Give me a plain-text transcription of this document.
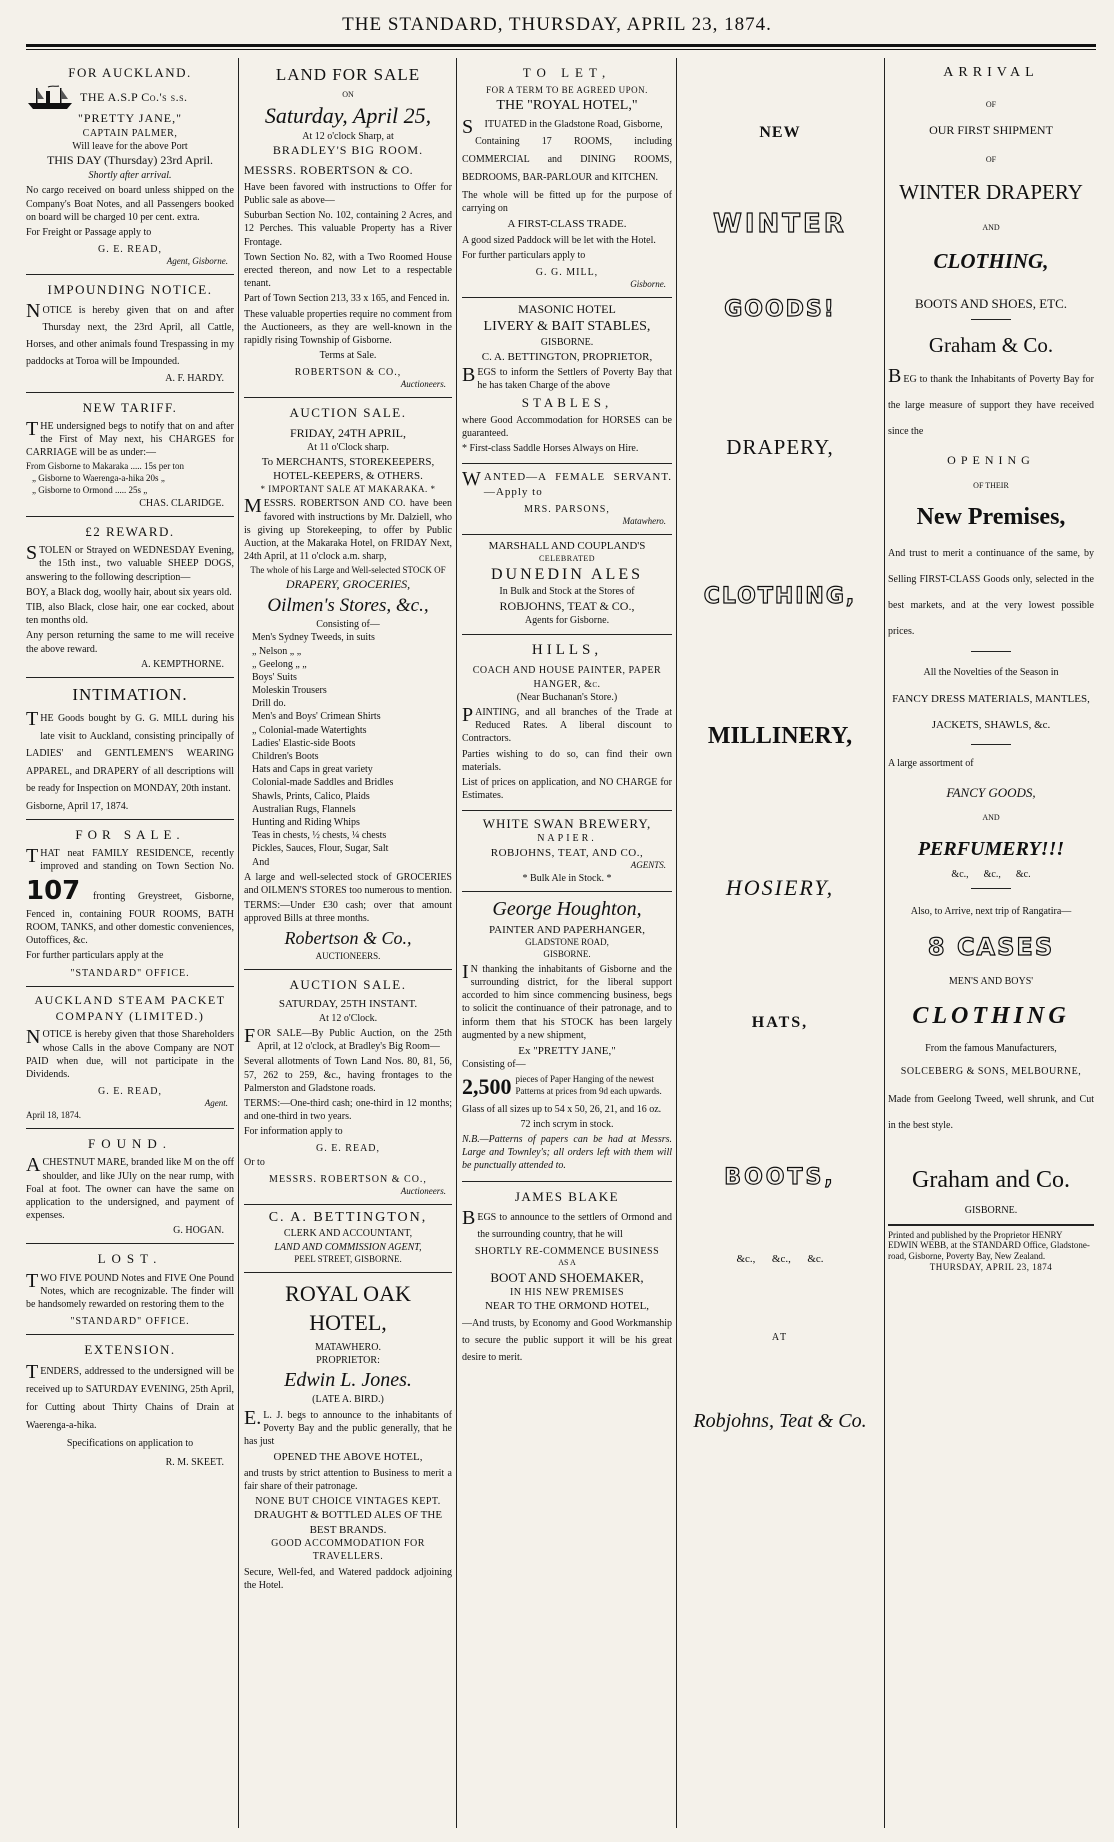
THE STANDARD, THURSDAY, APRIL 23, 1874.
FOR AUCKLAND.
THE A.S.P Co.'s s.s.
"PRETTY JANE,"
CAPTAIN PALMER,
Will leave for the above Port
THIS DAY (Thursday) 23rd April.
Shortly after arrival.

No cargo received on board unless shipped on the Company's Boat Notes, and all Passengers booked on board will be charged 10 per cent. extra.

For Freight or Passage apply to

G. E. READ,
Agent, Gisborne.
IMPOUNDING NOTICE.

NOTICE is hereby given that on and after Thursday next, the 23rd April, all Cattle, Horses, and other animals found Trespassing in my paddocks at Toroa will be Impounded.

A. F. HARDY.
NEW TARIFF.

THE undersigned begs to notify that on and after the First of May next, his CHARGES for CARRIAGE will be as under:—

From Gisborne to Makaraka ..... 15s per ton
„ Gisborne to Waerenga-a-hika 20s „
„ Gisborne to Ormond ..... 25s „
CHAS. CLARIDGE.
£2 REWARD.

STOLEN or Strayed on WEDNESDAY Evening, the 15th inst., two valuable SHEEP DOGS, answering to the following description—

BOY, a Black dog, woolly hair, about six years old.

TIB, also Black, close hair, one ear cocked, about ten months old.

Any person returning the same to me will receive the above reward.

A. KEMPTHORNE.
INTIMATION.

THE Goods bought by G. G. MILL during his late visit to Auckland, consisting principally of LADIES' and GENTLEMEN'S WEARING APPAREL, and DRAPERY of all descriptions will be ready for Inspection on MONDAY, 20th instant.

Gisborne, April 17, 1874.
FOR SALE.

THAT neat FAMILY RESIDENCE, recently improved and standing on Town Section No. 107 fronting Greystreet, Gisborne, Fenced in, containing FOUR ROOMS, BATH ROOM, TANKS, and other domestic conveniences, Outoffices, &c.

For further particulars apply at the

"STANDARD" OFFICE.
AUCKLAND STEAM PACKET COMPANY (LIMITED.)

NOTICE is hereby given that those Shareholders whose Calls in the above Company are NOT PAID when due, will not participate in the Dividends.

G. E. READ,
Agent.
April 18, 1874.
FOUND.

ACHESTNUT MARE, branded like M on the off shoulder, and like JUly on the near rump, with Foal at foot. The owner can have the same on application to the undersigned, and payment of expenses.

G. HOGAN.
LOST.

TWO FIVE POUND Notes and FIVE One Pound Notes, which are recognizable. The finder will be handsomely rewarded on restoring them to the

"STANDARD" OFFICE.
EXTENSION.

TENDERS, addressed to the undersigned will be received up to SATURDAY EVENING, 25th April, for Cutting about Thirty Chains of Drain at Waerenga-a-hika.

Specifications on application to
R. M. SKEET.
LAND FOR SALE
ON
Saturday, April 25,
At 12 o'clock Sharp, at
BRADLEY'S BIG ROOM.
MESSRS. ROBERTSON & CO.

Have been favored with instructions to Offer for Public sale as above—

Suburban Section No. 102, containing 2 Acres, and 12 Perches. This valuable Property has a River Frontage.

Town Section No. 82, with a Two Roomed House erected thereon, and now Let to a respectable tenant.

Part of Town Section 213, 33 x 165, and Fenced in.

These valuable properties require no comment from the Auctioneers, as they are well-known in the rapidly rising Township of Gisborne.

Terms at Sale.
ROBERTSON & CO.,
Auctioneers.
AUCTION SALE.
FRIDAY, 24TH APRIL,
At 11 o'Clock sharp.
To MERCHANTS, STOREKEEPERS, HOTEL-KEEPERS, & OTHERS.
* IMPORTANT SALE AT MAKARAKA. *

MESSRS. ROBERTSON AND CO. have been favored with instructions by Mr. Dalziell, who is giving up Storekeeping, to offer by Public Auction, at the Makaraka Hotel, on FRIDAY Next, 24th April, at 11 o'clock a.m. sharp,

The whole of his Large and Well-selected STOCK OF
DRAPERY, GROCERIES,
Oilmen's Stores, &c.,
Consisting of—
Men's Sydney Tweeds, in suits
„ Nelson „ „
„ Geelong „ „
Boys' Suits
Moleskin Trousers
Drill do.
Men's and Boys' Crimean Shirts
„ Colonial-made Watertights
Ladies' Elastic-side Boots
Children's Boots
Hats and Caps in great variety
Colonial-made Saddles and Bridles
Shawls, Prints, Calico, Plaids
Australian Rugs, Flannels
Hunting and Riding Whips
Teas in chests, ½ chests, ¼ chests
Pickles, Sauces, Flour, Sugar, Salt
And

A large and well-selected stock of GROCERIES and OILMEN'S STORES too numerous to mention.

TERMS:—Under £30 cash; over that amount approved Bills at three months.

Robertson & Co.,
AUCTIONEERS.
AUCTION SALE.
SATURDAY, 25TH INSTANT.
At 12 o'Clock.

FOR SALE—By Public Auction, on the 25th April, at 12 o'clock, at Bradley's Big Room—

Several allotments of Town Land Nos. 80, 81, 56, 57, 262 to 259, &c., having frontages to the Palmerston and Gladstone roads.

TERMS:—One-third cash; one-third in 12 months; and one-third in two years.

For information apply to

G. E. READ,
Or to
MESSRS. ROBERTSON & CO.,
Auctioneers.
C. A. BETTINGTON,
CLERK AND ACCOUNTANT,
LAND AND COMMISSION AGENT,
PEEL STREET, GISBORNE.
ROYAL OAK HOTEL,
MATAWHERO.
PROPRIETOR:
Edwin L. Jones.
(LATE A. BIRD.)

E.L. J. begs to announce to the inhabitants of Poverty Bay and the public generally, that he has just

OPENED THE ABOVE HOTEL,

and trusts by strict attention to Business to merit a fair share of their patronage.

NONE BUT CHOICE VINTAGES KEPT.
DRAUGHT & BOTTLED ALES OF THE BEST BRANDS.
GOOD ACCOMMODATION FOR TRAVELLERS.

Secure, Well-fed, and Watered paddock adjoining the Hotel.

TO LET,
FOR A TERM TO BE AGREED UPON.
THE "ROYAL HOTEL,"

SITUATED in the Gladstone Road, Gisborne,

Containing 17 ROOMS, including COMMERCIAL and DINING ROOMS, BEDROOMS, BAR-PARLOUR and KITCHEN.

The whole will be fitted up for the purpose of carrying on

A FIRST-CLASS TRADE.

A good sized Paddock will be let with the Hotel.

For further particulars apply to

G. G. MILL,
Gisborne.
MASONIC HOTEL
LIVERY & BAIT STABLES,
GISBORNE.
C. A. BETTINGTON, PROPRIETOR,

BEGS to inform the Settlers of Poverty Bay that he has taken Charge of the above

STABLES,

where Good Accommodation for HORSES can be guaranteed.

* First-class Saddle Horses Always on Hire.

WANTED—A FEMALE SERVANT.—Apply to

MRS. PARSONS,
Matawhero.
MARSHALL AND COUPLAND'S
CELEBRATED
DUNEDIN ALES
In Bulk and Stock at the Stores of
ROBJOHNS, TEAT & CO.,
Agents for Gisborne.
HILLS,
COACH AND HOUSE PAINTER, PAPER HANGER, &c.
(Near Buchanan's Store.)

PAINTING, and all branches of the Trade at Reduced Rates. A liberal discount to Contractors.

Parties wishing to do so, can find their own materials.

List of prices on application, and NO CHARGE for Estimates.

WHITE SWAN BREWERY,
NAPIER.
ROBJOHNS, TEAT, AND CO.,
AGENTS.
* Bulk Ale in Stock. *
George Houghton,
PAINTER AND PAPERHANGER,
GLADSTONE ROAD,
GISBORNE.

IN thanking the inhabitants of Gisborne and the surrounding district, for the liberal support accorded to him since commencing business, begs to solicit the continuance of their patronage, and to inform them that his STOCK has been largely augmented by a new shipment,

Ex "PRETTY JANE,"
Consisting of—
2,500 pieces of Paper Hanging of the newest Patterns at prices from 9d each upwards.

Glass of all sizes up to 54 x 50, 26, 21, and 16 oz.

72 inch scrym in stock.

N.B.—Patterns of papers can be had at Messrs. Large and Townley's; all orders left with them will be punctually attended to.

JAMES BLAKE

BEGS to announce to the settlers of Ormond and the surrounding country, that he will

SHORTLY RE-COMMENCE BUSINESS
AS A
BOOT AND SHOEMAKER,
IN HIS NEW PREMISES
NEAR TO THE ORMOND HOTEL,

—And trusts, by Economy and Good Workmanship to secure the public support it will be his great desire to merit.

NEW
WINTER
GOODS!
DRAPERY,
CLOTHING,
MILLINERY,
HOSIERY,
HATS,
BOOTS,
&c.,      &c.,      &c.
AT
Robjohns, Teat & Co.
ARRIVAL
OF
OUR FIRST SHIPMENT
OF
WINTER DRAPERY
AND
CLOTHING,
BOOTS AND SHOES, ETC.
Graham & Co.

BEG to thank the Inhabitants of Poverty Bay for the large measure of support they have received since the

OPENING
OF THEIR
New Premises,

And trust to merit a continuance of the same, by Selling FIRST-CLASS Goods only, selected in the best markets, and at the very lowest possible prices.

All the Novelties of the Season in
FANCY DRESS MATERIALS, MANTLES, JACKETS, SHAWLS, &c.
A large assortment of
FANCY GOODS,
AND
PERFUMERY!!!
&c.,      &c.,      &c.
Also, to Arrive, next trip of Rangatira—
8 CASES
MEN'S AND BOYS'
CLOTHING
From the famous Manufacturers,
SOLCEBERG & SONS, MELBOURNE,

Made from Geelong Tweed, well shrunk, and Cut in the best style.

Graham and Co.
GISBORNE.
Printed and published by the Proprietor HENRY EDWIN WEBB, at the STANDARD Office, Gladstone-road, Gisborne, Poverty Bay, New Zealand.
THURSDAY, APRIL 23, 1874
